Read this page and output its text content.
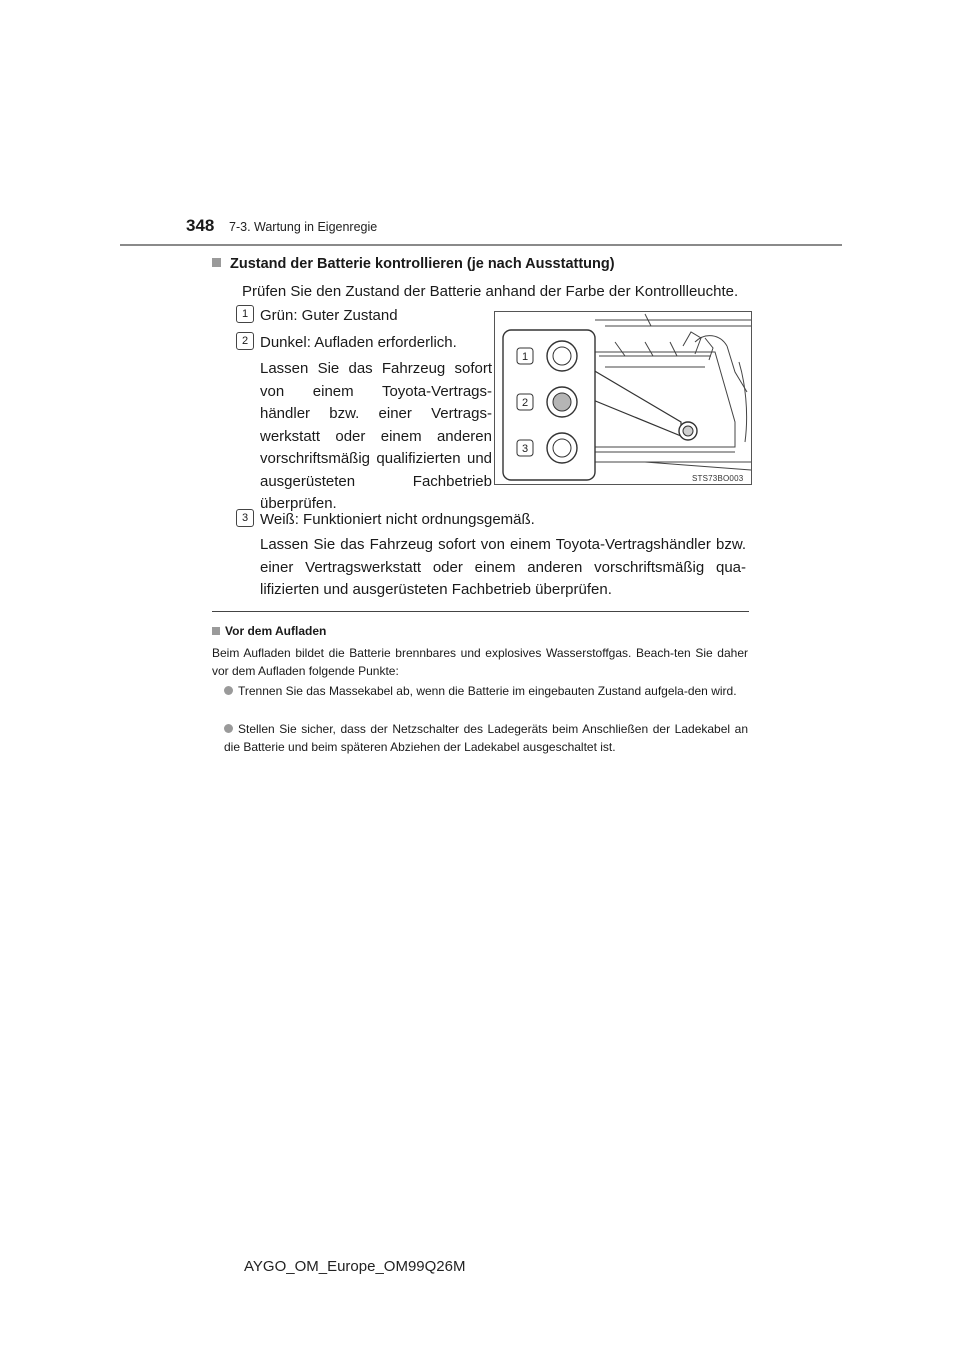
348 7-3. Wartung in Eigenregie
Zustand der Batterie kontrollieren (je nach Ausstattung)
Prüfen Sie den Zustand der Batterie anhand der Farbe der Kontrollleuchte.
1 Grün: Guter Zustand
2 Dunkel: Aufladen erforderlich.
Lassen Sie das Fahrzeug sofort von einem Toyota-Vertrags-händler bzw. einer Vertrags-werkstatt oder einem anderen vorschriftsmäßig qualifizierten und ausgerüsteten Fachbetrieb überprüfen.
3 Weiß: Funktioniert nicht ordnungsgemäß.
Lassen Sie das Fahrzeug sofort von einem Toyota-Vertragshändler bzw. einer Vertragswerkstatt oder einem anderen vorschriftsmäßig qua-lifizierten und ausgerüsteten Fachbetrieb überprüfen.
1
2
3
STS73BO003
Vor dem Aufladen
Beim Aufladen bildet die Batterie brennbares und explosives Wasserstoffgas. Beach-ten Sie daher vor dem Aufladen folgende Punkte:
Trennen Sie das Massekabel ab, wenn die Batterie im eingebauten Zustand aufgela-den wird.
Stellen Sie sicher, dass der Netzschalter des Ladegeräts beim Anschließen der Ladekabel an die Batterie und beim späteren Abziehen der Ladekabel ausgeschaltet ist.
AYGO_OM_Europe_OM99Q26M
